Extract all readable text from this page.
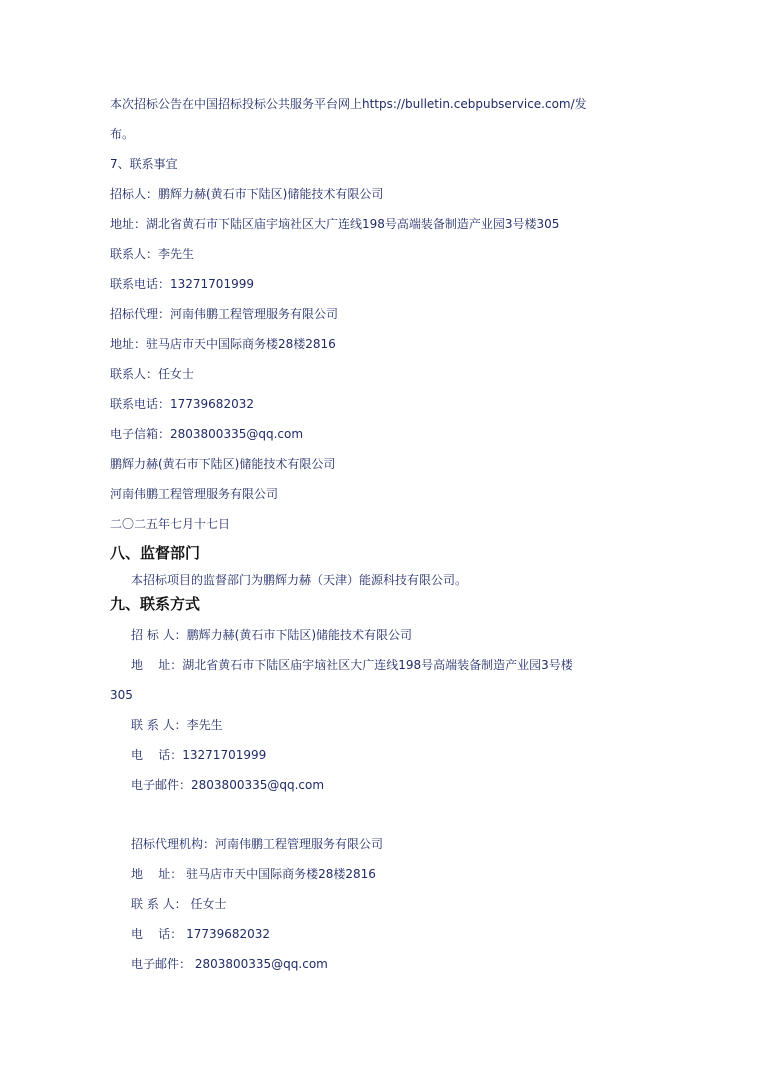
本次招标公告在中国招标投标公共服务平台网上https://bulletin.cebpubservice.com/发
布。
7、联系事宜
招标人：鹏辉力赫(黄石市下陆区)储能技术有限公司
地址：湖北省黄石市下陆区庙宇垴社区大广连线198号高端装备制造产业园3号楼305
联系人：李先生
联系电话：13271701999
招标代理：河南伟鹏工程管理服务有限公司
地址：驻马店市天中国际商务楼28楼2816
联系人：任女士
联系电话：17739682032
电子信箱：2803800335@qq.com
鹏辉力赫(黄石市下陆区)储能技术有限公司
河南伟鹏工程管理服务有限公司
二〇二五年七月十七日
八、监督部门
本招标项目的监督部门为鹏辉力赫（天津）能源科技有限公司。
九、联系方式
招 标 人：鹏辉力赫(黄石市下陆区)储能技术有限公司
地    址：湖北省黄石市下陆区庙宇垴社区大广连线198号高端装备制造产业园3号楼
305
联 系 人：李先生
电    话：13271701999
电子邮件：2803800335@qq.com
招标代理机构：河南伟鹏工程管理服务有限公司
地    址： 驻马店市天中国际商务楼28楼2816
联 系 人： 任女士
电    话： 17739682032
电子邮件： 2803800335@qq.com
